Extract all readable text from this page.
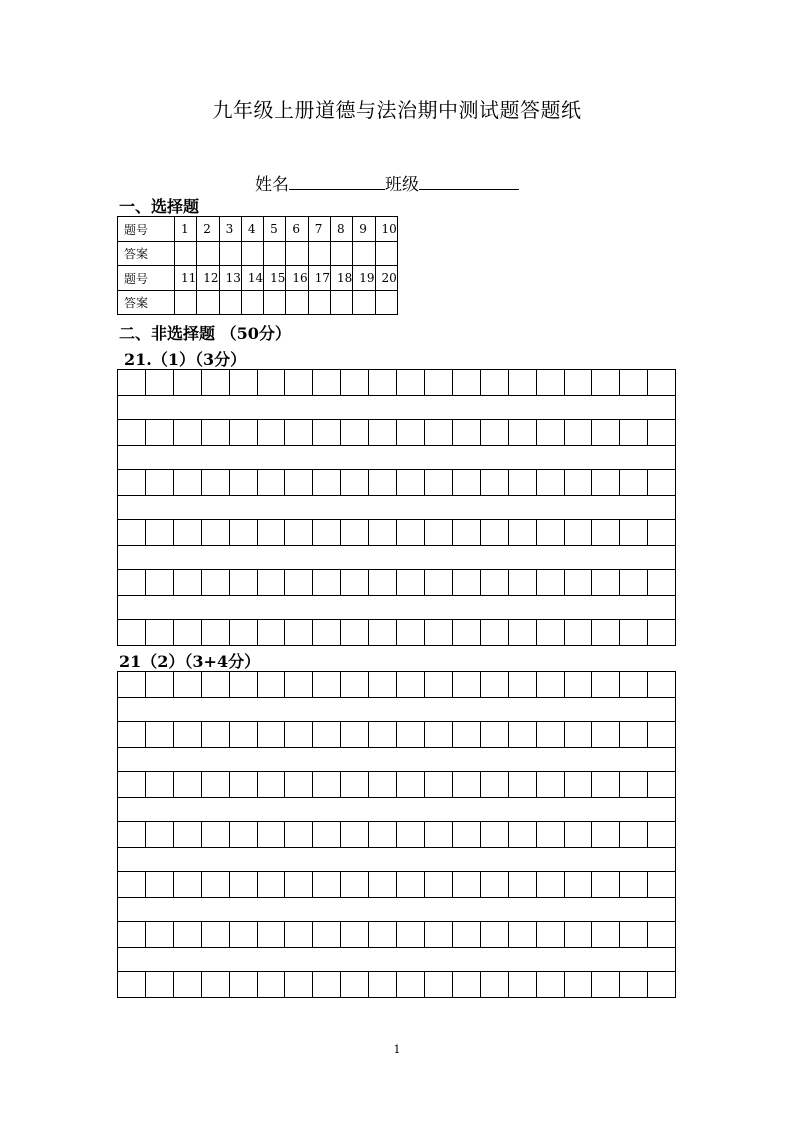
九年级上册道德与法治期中测试题答题纸
姓名	班级
一、选择题
题号	1	2	3	4	5	6	7	8	9	10
答案										
题号	11	12	13	14	15	16	17	18	19	20
答案										
二、非选择题 （50分）
21.（1）（3分）
21（2）（3+4分）
1
